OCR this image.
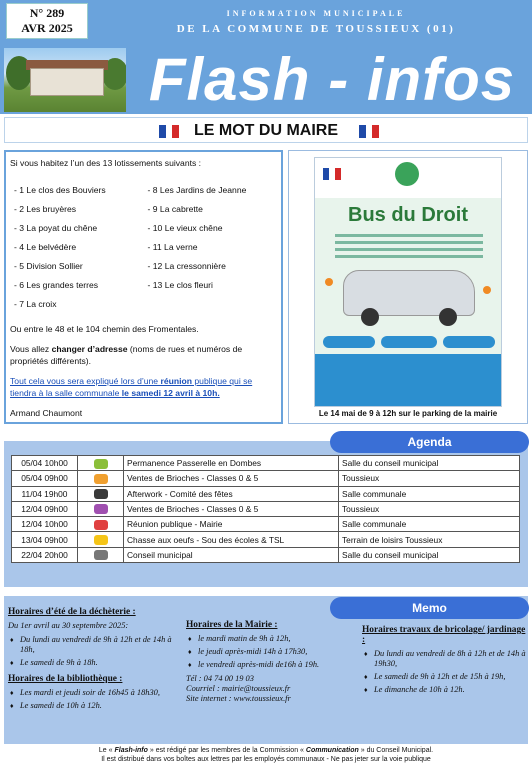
N° 289
AVR 2025
INFORMATION MUNICIPALE
DE LA COMMUNE DE TOUSSIEUX (01)
Flash - infos
LE MOT DU MAIRE
Si vous habitez l’un des 13 lotissements suivants :
- 1 Le clos des Bouviers
- 2 Les bruyères
- 3 La poyat du chêne
- 4 Le belvédère
- 5 Division Sollier
- 6 Les grandes terres
- 7 La croix
- 8 Les Jardins de Jeanne
- 9 La cabrette
- 10 Le vieux chêne
- 11 La verne
- 12 La cressonnière
- 13 Le clos fleuri

Ou entre le 48 et le 104 chemin des Fromentales.

Vous allez changer d’adresse (noms de rues et numéros de propriétés différents).

Tout cela vous sera expliqué lors d’une réunion publique qui se tiendra à la salle communale le samedi 12 avril à 10h.

Armand Chaumont

Bus du Droit
Le 14 mai de 9 à 12h sur le parking de la mairie
Agenda
05/04 10h00		Permanence Passerelle en Dombes	Salle du conseil municipal
05/04 09h00		Ventes de Brioches - Classes 0 & 5	Toussieux
11/04 19h00		Afterwork - Comité des fêtes	Salle communale
12/04 09h00		Ventes de Brioches - Classes 0 & 5	Toussieux
12/04 10h00		Réunion publique - Mairie	Salle communale
13/04 09h00		Chasse aux oeufs - Sou des écoles & TSL	Terrain de loisirs Toussieux
22/04 20h00		Conseil municipal	Salle du conseil municipal
Memo
Horaires d’été de la déchèterie :
Du 1er avril au 30 septembre 2025:
♦ Du lundi au vendredi de 9h à 12h et de 14h à 18h,
♦ Le samedi de 9h à 18h.
Horaires de la bibliothèque :
♦ Les mardi et jeudi soir de 16h45 à 18h30,
♦ Le samedi de 10h à 12h.
Horaires de la Mairie :
♦ le mardi matin de 9h à 12h,
♦ le jeudi après-midi 14h à 17h30,
♦ le vendredi après-midi de16h à 19h.
Tél : 04 74 00 19 03
Courriel : mairie@toussieux.fr
Site internet : www.toussieux.fr
Horaires travaux de bricolage/ jardinage :
♦ Du lundi au vendredi de 8h à 12h et de 14h à 19h30,
♦ Le samedi de 9h à 12h et de 15h à 19h,
♦ Le dimanche de 10h à 12h.
Le « Flash-info » est rédigé par les membres de la Commission « Communication » du Conseil Municipal.
Il est distribué dans vos boîtes aux lettres par les employés communaux - Ne pas jeter sur la voie publique
